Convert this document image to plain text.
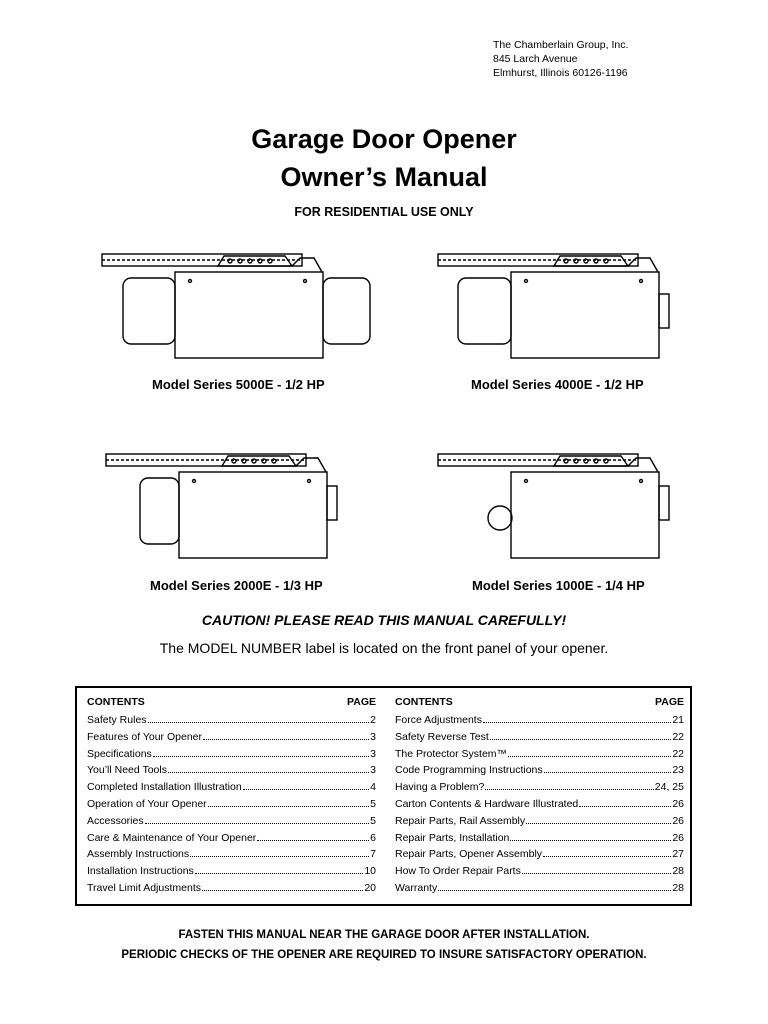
The Chamberlain Group, Inc.
845 Larch Avenue
Elmhurst, Illinois 60126-1196
Garage Door Opener
Owner’s Manual
FOR RESIDENTIAL USE ONLY
Model Series 5000E - 1/2 HP	Model Series 4000E - 1/2 HP
Model Series 2000E - 1/3 HP	Model Series 1000E - 1/4 HP
CAUTION! PLEASE READ THIS MANUAL CAREFULLY!
The MODEL NUMBER label is located on the front panel of your opener.
CONTENTS	PAGE
Safety Rules	2
Features of Your Opener	3
Specifications	3
You’ll Need Tools	3
Completed Installation Illustration	4
Operation of Your Opener	5
Accessories	5
Care & Maintenance of Your Opener	6
Assembly Instructions	7
Installation Instructions	10
Travel Limit Adjustments	20
CONTENTS	PAGE
Force Adjustments	21
Safety Reverse Test	22
The Protector System™	22
Code Programming Instructions	23
Having a Problem?	24, 25
Carton Contents & Hardware Illustrated	26
Repair Parts, Rail Assembly	26
Repair Parts, Installation	26
Repair Parts, Opener Assembly	27
How To Order Repair Parts	28
Warranty	28
FASTEN THIS MANUAL NEAR THE GARAGE DOOR AFTER INSTALLATION.
PERIODIC CHECKS OF THE OPENER ARE REQUIRED TO INSURE SATISFACTORY OPERATION.
